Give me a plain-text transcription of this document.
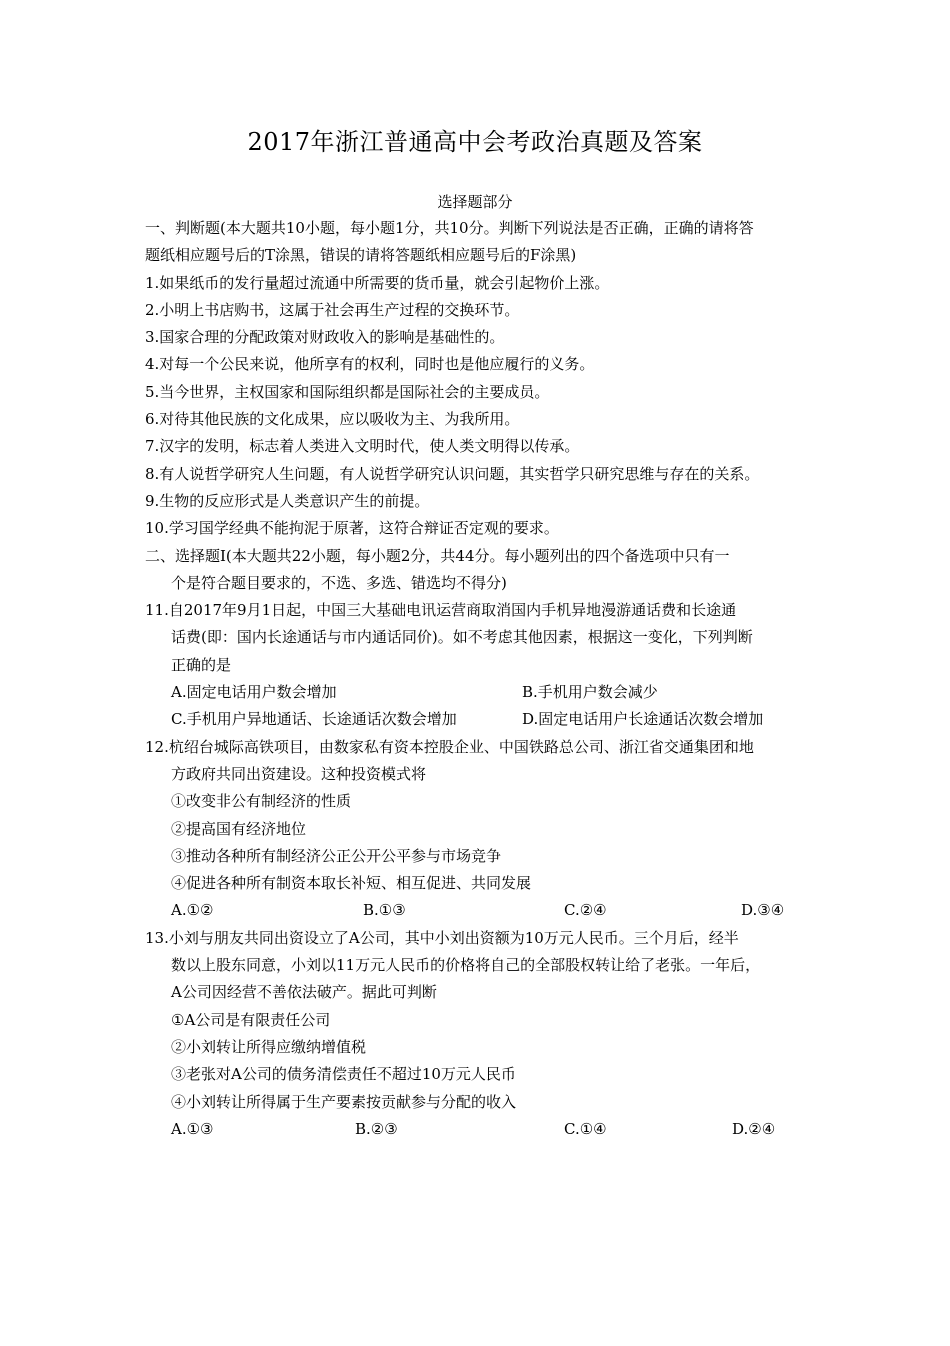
2017年浙江普通高中会考政治真题及答案
选择题部分
一、判断题(本大题共10小题，每小题1分，共10分。判断下列说法是否正确，正确的请将答
题纸相应题号后的T涂黑，错误的请将答题纸相应题号后的F涂黑)
1.如果纸币的发行量超过流通中所需要的货币量，就会引起物价上涨。
2.小明上书店购书，这属于社会再生产过程的交换环节。
3.国家合理的分配政策对财政收入的影响是基础性的。
4.对每一个公民来说，他所享有的权利，同时也是他应履行的义务。
5.当今世界，主权国家和国际组织都是国际社会的主要成员。
6.对待其他民族的文化成果，应以吸收为主、为我所用。
7.汉字的发明，标志着人类进入文明时代，使人类文明得以传承。
8.有人说哲学研究人生问题，有人说哲学研究认识问题，其实哲学只研究思维与存在的关系。
9.生物的反应形式是人类意识产生的前提。
10.学习国学经典不能拘泥于原著，这符合辩证否定观的要求。
二、选择题Ⅰ(本大题共22小题，每小题2分，共44分。每小题列出的四个备选项中只有一
个是符合题目要求的，不选、多选、错选均不得分)
11.自2017年9月1日起，中国三大基础电讯运营商取消国内手机异地漫游通话费和长途通
话费(即：国内长途通话与市内通话同价)。如不考虑其他因素，根据这一变化，下列判断
正确的是
A.固定电话用户数会增加	B.手机用户数会减少
C.手机用户异地通话、长途通话次数会增加	D.固定电话用户长途通话次数会增加
12.杭绍台城际高铁项目，由数家私有资本控股企业、中国铁路总公司、浙江省交通集团和地
方政府共同出资建设。这种投资模式将
①改变非公有制经济的性质
②提高国有经济地位
③推动各种所有制经济公正公开公平参与市场竞争
④促进各种所有制资本取长补短、相互促进、共同发展
A.①②	B.①③	C.②④	D.③④
13.小刘与朋友共同出资设立了A公司，其中小刘出资额为10万元人民币。三个月后，经半
数以上股东同意，小刘以11万元人民币的价格将自己的全部股权转让给了老张。一年后，
A公司因经营不善依法破产。据此可判断
①A公司是有限责任公司
②小刘转让所得应缴纳增值税
③老张对A公司的债务清偿责任不超过10万元人民币
④小刘转让所得属于生产要素按贡献参与分配的收入
A.①③	B.②③	C.①④	D.②④
